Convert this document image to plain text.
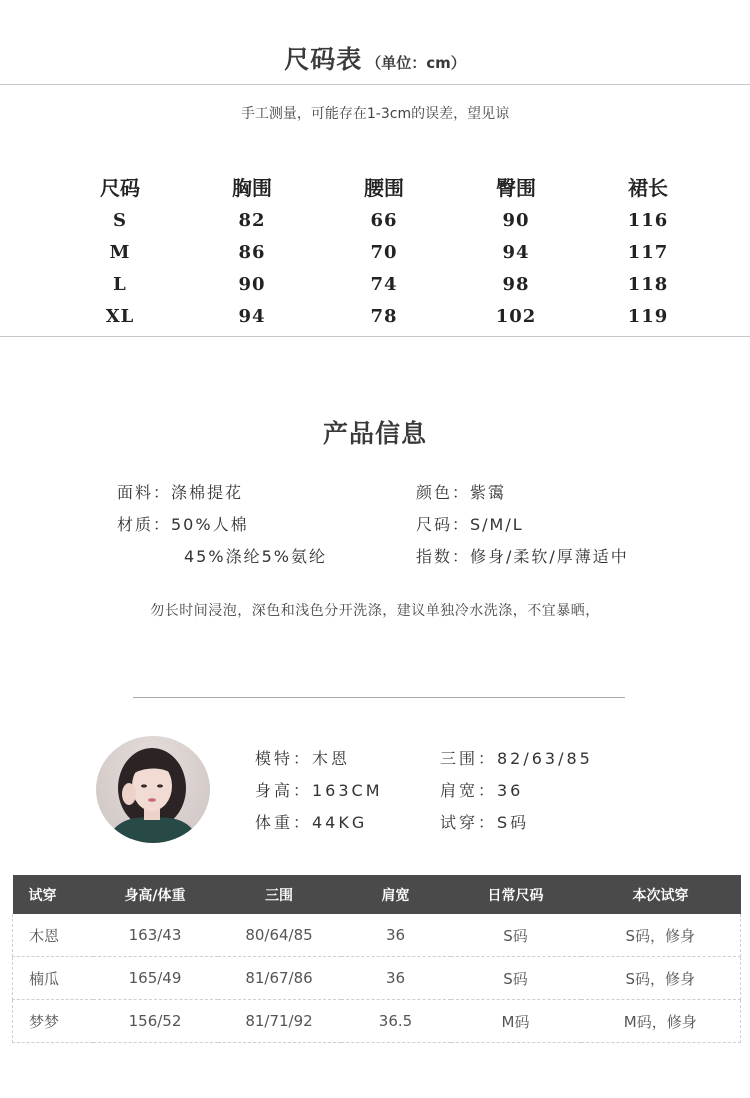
尺码表 （单位：cm）
手工测量，可能存在1-3cm的误差，望见谅
尺码	胸围	腰围	臀围	裙长
S	82	66	90	116
M	86	70	94	117
L	90	74	98	118
XL	94	78	102	119
产品信息
面料：涤棉提花
材质：50%人棉
45%涤纶5%氨纶
颜色：紫霭
尺码：S/M/L
指数：修身/柔软/厚薄适中
勿长时间浸泡，深色和浅色分开洗涤，建议单独冷水洗涤，不宜暴晒，
模特：木恩
身高：163CM
体重：44KG
三围：82/63/85
肩宽：36
试穿：S码
试穿	身高/体重	三围	肩宽	日常尺码	本次试穿
木恩	163/43	80/64/85	36	S码	S码，修身
楠瓜	165/49	81/67/86	36	S码	S码，修身
梦梦	156/52	81/71/92	36.5	M码	M码，修身
